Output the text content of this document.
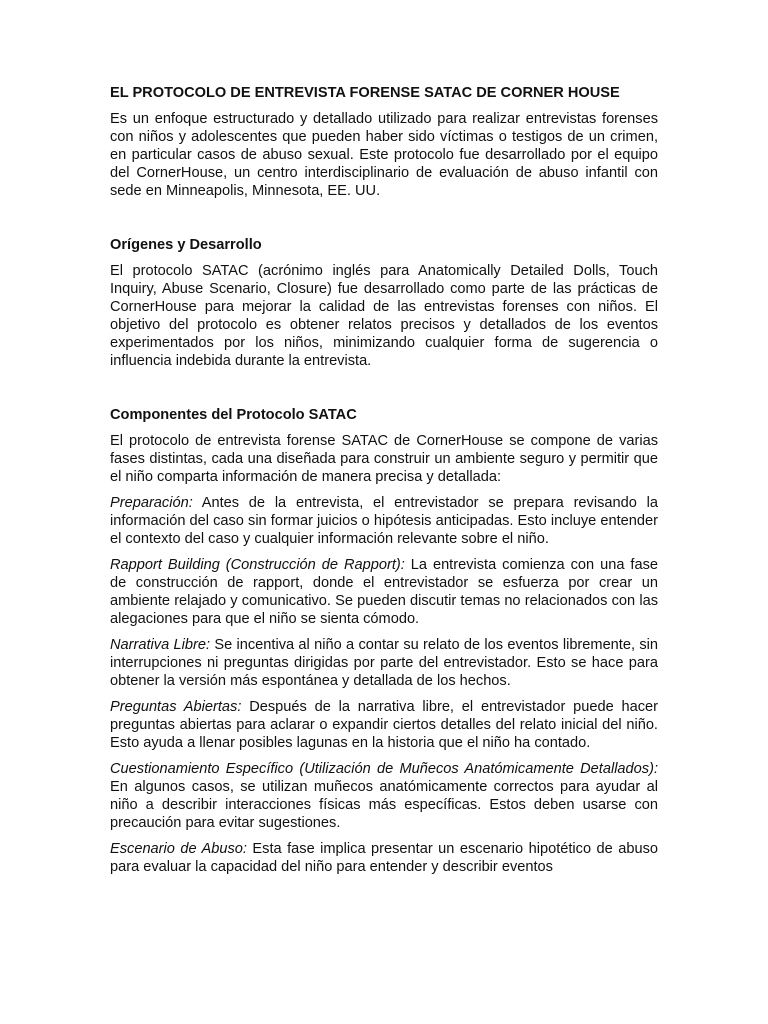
EL PROTOCOLO DE ENTREVISTA FORENSE SATAC DE CORNER HOUSE

Es un enfoque estructurado y detallado utilizado para realizar entrevistas forenses con niños y adolescentes que pueden haber sido víctimas o testigos de un crimen, en particular casos de abuso sexual. Este protocolo fue desarrollado por el equipo del CornerHouse, un centro interdisciplinario de evaluación de abuso infantil con sede en Minneapolis, Minnesota, EE. UU.

Orígenes y Desarrollo

El protocolo SATAC (acrónimo inglés para Anatomically Detailed Dolls, Touch Inquiry, Abuse Scenario, Closure) fue desarrollado como parte de las prácticas de CornerHouse para mejorar la calidad de las entrevistas forenses con niños. El objetivo del protocolo es obtener relatos precisos y detallados de los eventos experimentados por los niños, minimizando cualquier forma de sugerencia o influencia indebida durante la entrevista.

Componentes del Protocolo SATAC

El protocolo de entrevista forense SATAC de CornerHouse se compone de varias fases distintas, cada una diseñada para construir un ambiente seguro y permitir que el niño comparta información de manera precisa y detallada:

Preparación: Antes de la entrevista, el entrevistador se prepara revisando la información del caso sin formar juicios o hipótesis anticipadas. Esto incluye entender el contexto del caso y cualquier información relevante sobre el niño.

Rapport Building (Construcción de Rapport): La entrevista comienza con una fase de construcción de rapport, donde el entrevistador se esfuerza por crear un ambiente relajado y comunicativo. Se pueden discutir temas no relacionados con las alegaciones para que el niño se sienta cómodo.

Narrativa Libre: Se incentiva al niño a contar su relato de los eventos libremente, sin interrupciones ni preguntas dirigidas por parte del entrevistador. Esto se hace para obtener la versión más espontánea y detallada de los hechos.

Preguntas Abiertas: Después de la narrativa libre, el entrevistador puede hacer preguntas abiertas para aclarar o expandir ciertos detalles del relato inicial del niño. Esto ayuda a llenar posibles lagunas en la historia que el niño ha contado.

Cuestionamiento Específico (Utilización de Muñecos Anatómicamente Detallados): En algunos casos, se utilizan muñecos anatómicamente correctos para ayudar al niño a describir interacciones físicas más específicas. Estos deben usarse con precaución para evitar sugestiones.

Escenario de Abuso: Esta fase implica presentar un escenario hipotético de abuso para evaluar la capacidad del niño para entender y describir eventos
